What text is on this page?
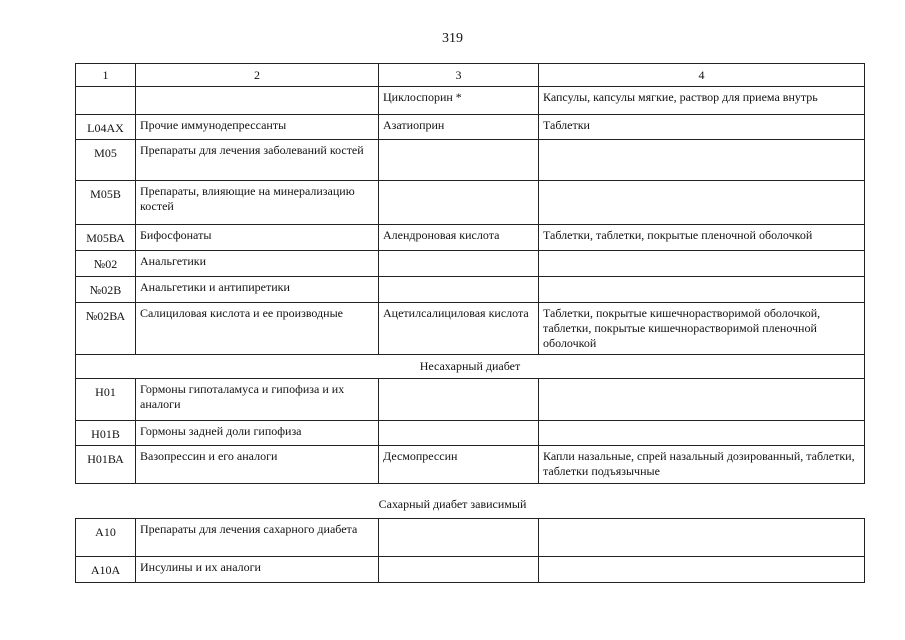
319
1	2	3	4
		Циклоспорин *	Капсулы, капсулы мягкие, раствор для приема внутрь
L04AX	Прочие иммунодепрессанты	Азатиоприн	Таблетки
М05	Препараты для лечения заболеваний костей		
М05В	Препараты, влияющие на минерализацию костей		
М05ВА	Бифосфонаты	Алендроновая кислота	Таблетки, таблетки, покрытые пленочной оболочкой
№02	Анальгетики		
№02В	Анальгетики и антипиретики		
№02ВА	Салициловая кислота и ее производные	Ацетилсалициловая кислота	Таблетки, покрытые кишечнорастворимой оболочкой, таблетки, покрытые кишечнорастворимой пленочной оболочкой
Несахарный диабет			
Н01	Гормоны гипоталамуса и гипофиза и их аналоги		
Н01В	Гормоны задней доли гипофиза		
Н01ВА	Вазопрессин и его аналоги	Десмопрессин	Капли назальные, спрей назальный дозированный, таблетки, таблетки подъязычные
Сахарный диабет зависимый
А10	Препараты для лечения сахарного диабета		
А10А	Инсулины и их аналоги		
